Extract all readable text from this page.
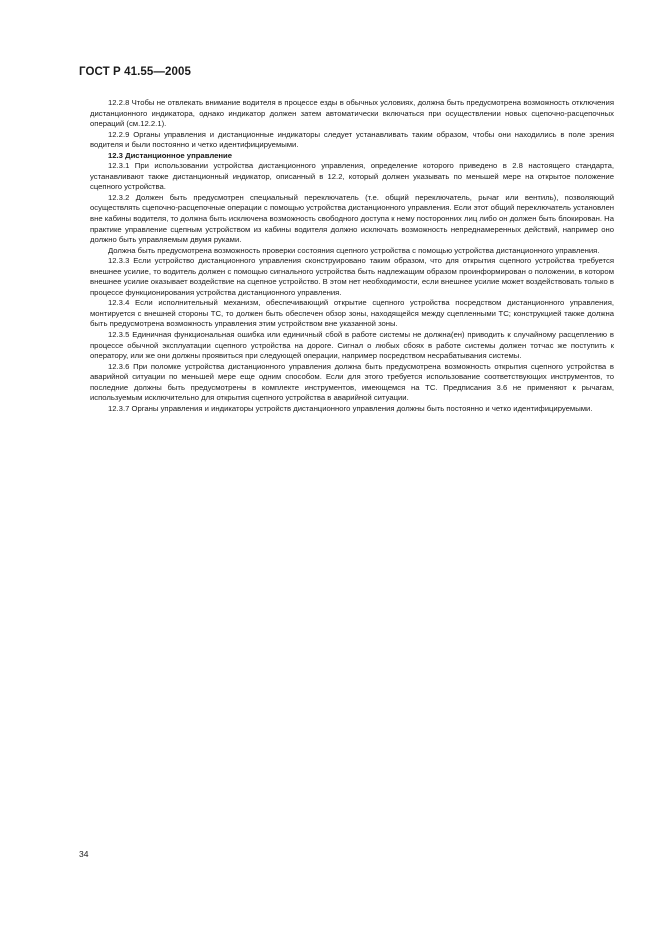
ГОСТ Р 41.55—2005

12.2.8 Чтобы не отвлекать внимание водителя в процессе езды в обычных условиях, должна быть предусмотрена возможность отключения дистанционного индикатора, однако индикатор должен затем автоматически включаться при осуществлении новых сцепочно-расцепочных операций (см.12.2.1).

12.2.9 Органы управления и дистанционные индикаторы следует устанавливать таким образом, чтобы они находились в поле зрения водителя и были постоянно и четко идентифицируемыми.

12.3 Дистанционное управление

12.3.1 При использовании устройства дистанционного управления, определение которого приведено в 2.8 настоящего стандарта, устанавливают также дистанционный индикатор, описанный в 12.2, который должен указывать по меньшей мере на открытое положение сцепного устройства.

12.3.2 Должен быть предусмотрен специальный переключатель (т.е. общий переключатель, рычаг или вентиль), позволяющий осуществлять сцепочно-расцепочные операции с помощью устройства дистанционного управления. Если этот общий переключатель установлен вне кабины водителя, то должна быть исключена возможность свободного доступа к нему посторонних лиц либо он должен быть блокирован. На практике управление сцепным устройством из кабины водителя должно исключать возможность непреднамеренных действий, например оно должно быть управляемым двумя руками.

Должна быть предусмотрена возможность проверки состояния сцепного устройства с помощью устройства дистанционного управления.

12.3.3 Если устройство дистанционного управления сконструировано таким образом, что для открытия сцепного устройства требуется внешнее усилие, то водитель должен с помощью сигнального устройства быть надлежащим образом проинформирован о положении, в котором внешнее усилие оказывает воздействие на сцепное устройство. В этом нет необходимости, если внешнее усилие может воздействовать только в процессе функционирования устройства дистанционного управления.

12.3.4 Если исполнительный механизм, обеспечивающий открытие сцепного устройства посредством дистанционного управления, монтируется с внешней стороны ТС, то должен быть обеспечен обзор зоны, находящейся между сцепленными ТС; конструкцией также должна быть предусмотрена возможность управления этим устройством вне указанной зоны.

12.3.5 Единичная функциональная ошибка или единичный сбой в работе системы не должна(ен) приводить к случайному расцеплению в процессе обычной эксплуатации сцепного устройства на дороге. Сигнал о любых сбоях в работе системы должен тотчас же поступить к оператору, или же они должны проявиться при следующей операции, например посредством несрабатывания системы.

12.3.6 При поломке устройства дистанционного управления должна быть предусмотрена возможность открытия сцепного устройства в аварийной ситуации по меньшей мере еще одним способом. Если для этого требуется использование соответствующих инструментов, то последние должны быть предусмотрены в комплекте инструментов, имеющемся на ТС. Предписания 3.6 не применяют к рычагам, используемым исключительно для открытия сцепного устройства в аварийной ситуации.

12.3.7 Органы управления и индикаторы устройств дистанционного управления должны быть постоянно и четко идентифицируемыми.

34
